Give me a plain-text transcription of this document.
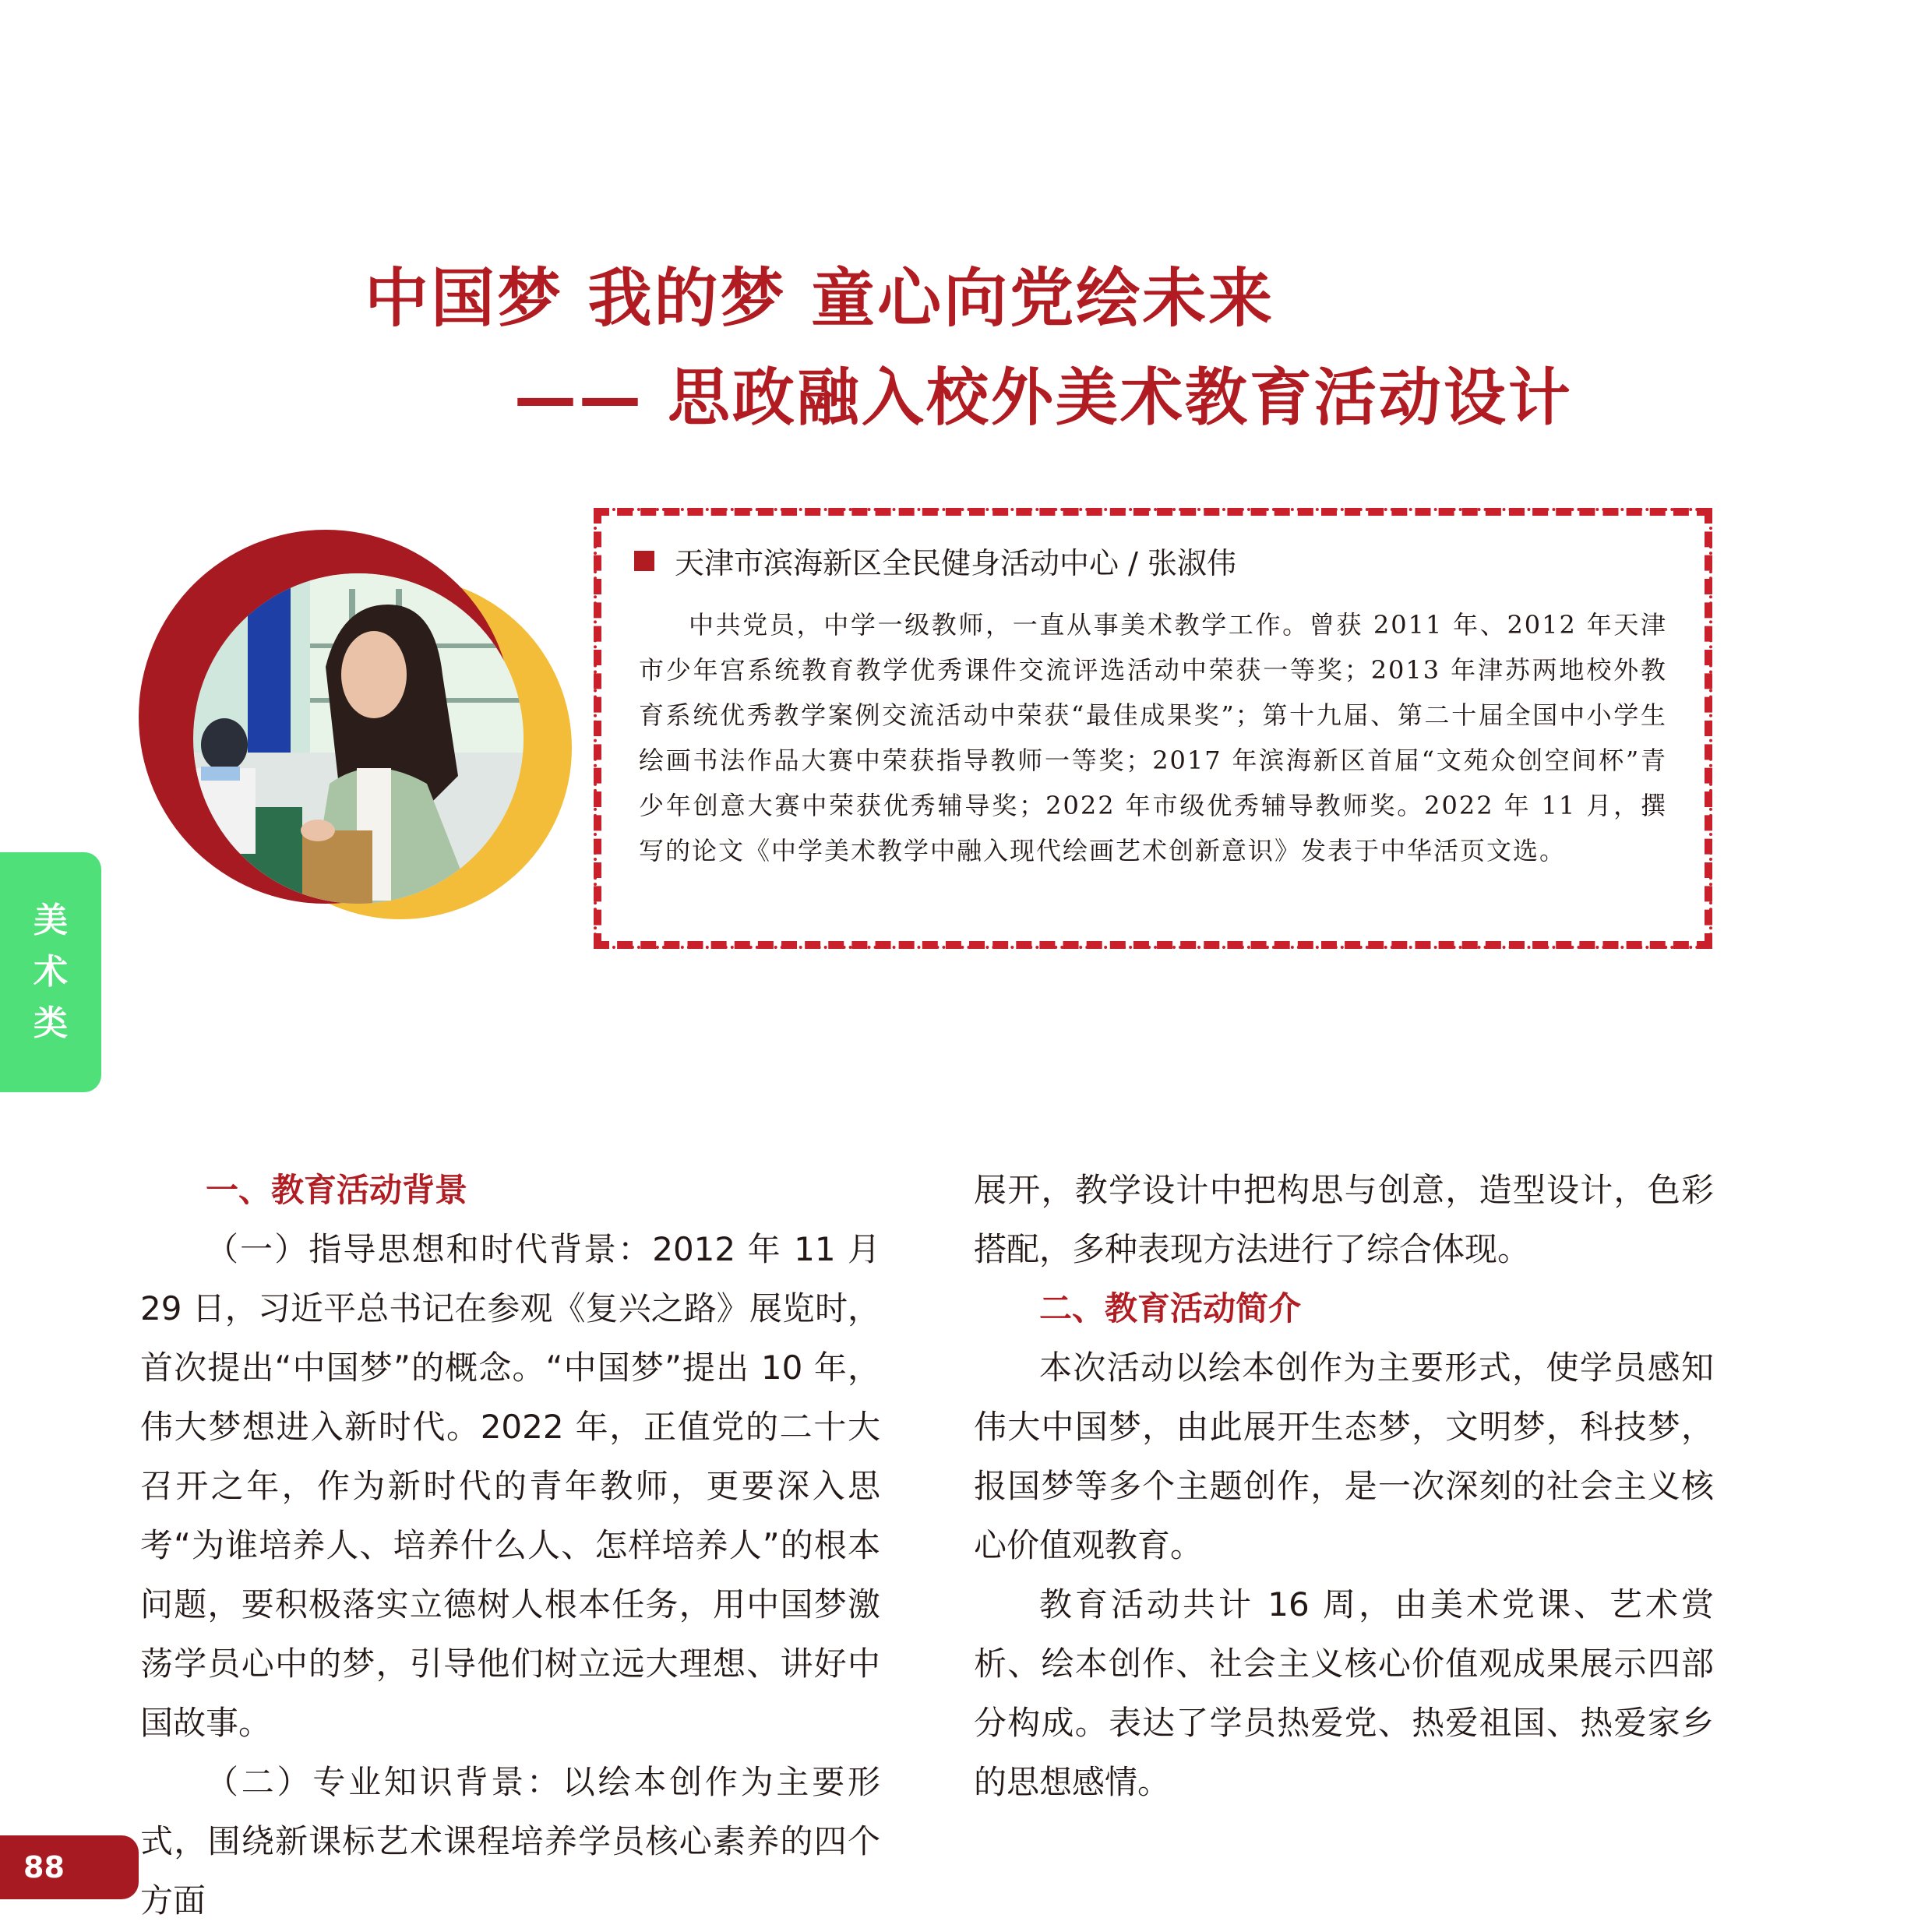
中国梦 我的梦 童心向党绘未来
—— 思政融入校外美术教育活动设计
天津市滨海新区全民健身活动中心 / 张淑伟
中共党员，中学一级教师，一直从事美术教学工作。曾获 2011 年、2012 年天津市少年宫系统教育教学优秀课件交流评选活动中荣获一等奖；2013 年津苏两地校外教育系统优秀教学案例交流活动中荣获“最佳成果奖”；第十九届、第二十届全国中小学生绘画书法作品大赛中荣获指导教师一等奖；2017 年滨海新区首届“文苑众创空间杯”青少年创意大赛中荣获优秀辅导奖；2022 年市级优秀辅导教师奖。2022 年 11 月，撰写的论文《中学美术教学中融入现代绘画艺术创新意识》发表于中华活页文选。
美
术
类
一、教育活动背景

（一）指导思想和时代背景：2012 年 11 月 29 日，习近平总书记在参观《复兴之路》展览时，首次提出“中国梦”的概念。“中国梦”提出 10 年，伟大梦想进入新时代。2022 年，正值党的二十大召开之年，作为新时代的青年教师，更要深入思考“为谁培养人、培养什么人、怎样培养人”的根本问题，要积极落实立德树人根本任务，用中国梦激荡学员心中的梦，引导他们树立远大理想、讲好中国故事。

（二）专业知识背景：以绘本创作为主要形式，围绕新课标艺术课程培养学员核心素养的四个方面

展开，教学设计中把构思与创意，造型设计，色彩搭配，多种表现方法进行了综合体现。

二、教育活动简介

本次活动以绘本创作为主要形式，使学员感知伟大中国梦，由此展开生态梦，文明梦，科技梦，报国梦等多个主题创作，是一次深刻的社会主义核心价值观教育。

教育活动共计 16 周，由美术党课、艺术赏析、绘本创作、社会主义核心价值观成果展示四部分构成。表达了学员热爱党、热爱祖国、热爱家乡的思想感情。

88
